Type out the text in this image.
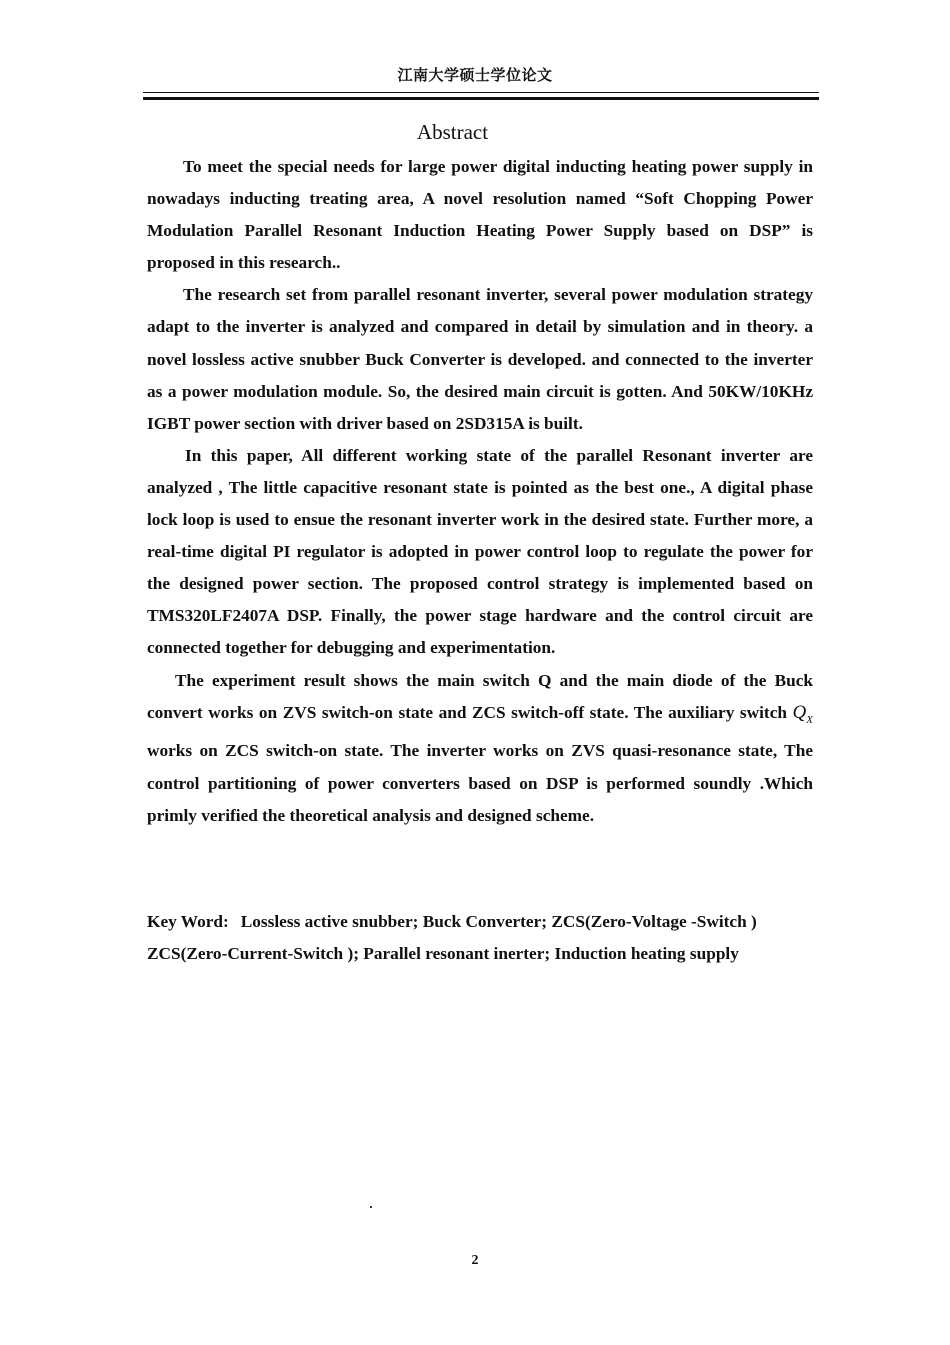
江南大学硕士学位论文
Abstract

To meet the special needs for large power digital inducting heating power supply in nowadays inducting treating area, A novel resolution named “Soft Chopping Power Modulation Parallel Resonant Induction Heating Power Supply based on DSP” is proposed in this research..

The research set from parallel resonant inverter, several power modulation strategy adapt to the inverter is analyzed and compared in detail by simulation and in theory. a novel lossless active snubber Buck Converter is developed. and connected to the inverter as a power modulation module. So, the desired main circuit is gotten. And 50KW/10KHz IGBT power section with driver based on 2SD315A is built.

In this paper, All different working state of the parallel Resonant inverter are analyzed , The little capacitive resonant state is pointed as the best one., A digital phase lock loop is used to ensue the resonant inverter work in the desired state. Further more, a real-time digital PI regulator is adopted in power control loop to regulate the power for the designed power section. The proposed control strategy is implemented based on TMS320LF2407A DSP. Finally, the power stage hardware and the control circuit are connected together for debugging and experimentation.

The experiment result shows the main switch Q and the main diode of the Buck convert works on ZVS switch-on state and ZCS switch-off state. The auxiliary switch $Q_X$ works on ZCS switch-on state. The inverter works on ZVS quasi-resonance state, The control partitioning of power converters based on DSP is performed soundly .Which primly verified the theoretical analysis and designed scheme.

Key Word: Lossless active snubber; Buck Converter; ZCS(Zero-Voltage -Switch )
ZCS(Zero-Current-Switch ); Parallel resonant inerter; Induction heating supply
2
